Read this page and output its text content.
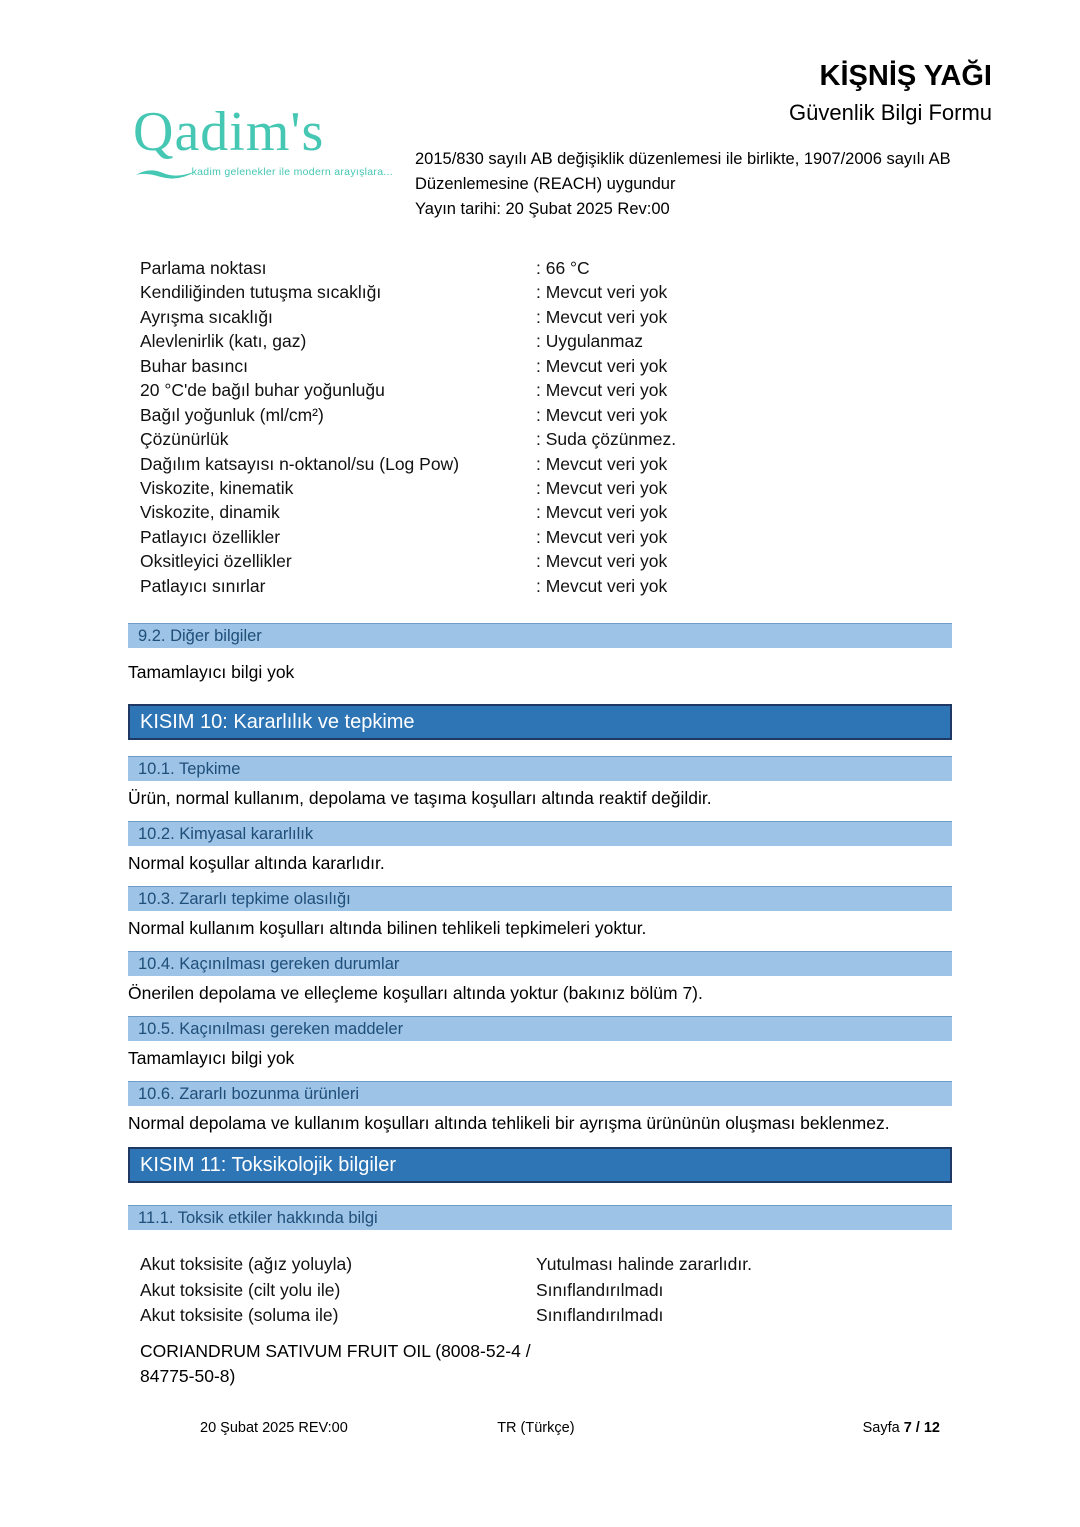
Qadim's
kadim gelenekler ile modern arayışlara...
KİŞNİŞ YAĞI
Güvenlik Bilgi Formu
2015/830 sayılı AB değişiklik düzenlemesi ile birlikte, 1907/2006 sayılı AB
Düzenlemesine (REACH) uygundur
Yayın tarihi: 20 Şubat 2025 Rev:00
Parlama noktası	: 66 °C
Kendiliğinden tutuşma sıcaklığı	: Mevcut veri yok
Ayrışma sıcaklığı	: Mevcut veri yok
Alevlenirlik (katı, gaz)	: Uygulanmaz
Buhar basıncı	: Mevcut veri yok
20 °C'de bağıl buhar yoğunluğu	: Mevcut veri yok
Bağıl yoğunluk (ml/cm²)	: Mevcut veri yok
Çözünürlük	: Suda çözünmez.
Dağılım katsayısı n-oktanol/su (Log Pow)	: Mevcut veri yok
Viskozite, kinematik	: Mevcut veri yok
Viskozite, dinamik	: Mevcut veri yok
Patlayıcı özellikler	: Mevcut veri yok
Oksitleyici özellikler	: Mevcut veri yok
Patlayıcı sınırlar	: Mevcut veri yok
9.2. Diğer bilgiler
Tamamlayıcı bilgi yok
KISIM 10: Kararlılık ve tepkime
10.1. Tepkime
Ürün, normal kullanım, depolama ve taşıma koşulları altında reaktif değildir.
10.2. Kimyasal kararlılık
Normal koşullar altında kararlıdır.
10.3. Zararlı tepkime olasılığı
Normal kullanım koşulları altında bilinen tehlikeli tepkimeleri yoktur.
10.4. Kaçınılması gereken durumlar
Önerilen depolama ve elleçleme koşulları altında yoktur (bakınız bölüm 7).
10.5. Kaçınılması gereken maddeler
Tamamlayıcı bilgi yok
10.6. Zararlı bozunma ürünleri
Normal depolama ve kullanım koşulları altında tehlikeli bir ayrışma ürününün oluşması beklenmez.
KISIM 11: Toksikolojik bilgiler
11.1. Toksik etkiler hakkında bilgi
Akut toksisite (ağız yoluyla)	Yutulması halinde zararlıdır.
Akut toksisite (cilt yolu ile)	Sınıflandırılmadı
Akut toksisite (soluma ile)	Sınıflandırılmadı
CORIANDRUM SATIVUM FRUIT OIL (8008-52-4 / 84775-50-8)
20 Şubat 2025 REV:00	TR (Türkçe)	Sayfa 7 / 12
